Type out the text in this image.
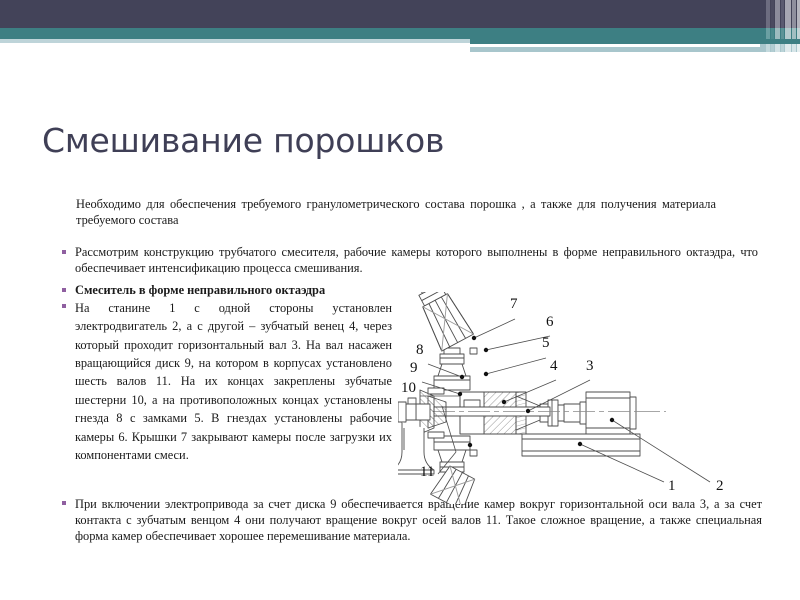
Смешивание порошков
Необходимо для обеспечения требуемого гранулометрического состава порошка , а также для получения материала требуемого состава
Рассмотрим конструкцию трубчатого смесителя, рабочие камеры которого выполнены в форме неправильного октаэдра, что обеспечивает интенсификацию процесса смешивания.
Смеситель в форме неправильного октаэдра
На станине 1 с одной стороны установлен электродвигатель 2, а с другой – зубчатый венец 4, через который проходит горизонтальный вал 3. На вал насажен вращающийся диск 9, на котором в корпусах установлено шесть валов 11. На их концах закреплены зубчатые шестерни 10, а на противоположных концах установлены гнезда 8 с замками 5. В гнездах установлены рабочие камеры 6. Крышки 7 закрывают камеры после загрузки их компонентами смеси.
При включении электропривода за счет диска 9 обеспечивается вращение камер вокруг горизонтальной оси вала 3, а за счет контакта с зубчатым венцом 4 они получают вращение вокруг осей валов 11. Такое сложное вращение, а также специальная форма камер обеспечивает хорошее перемешивание материала.
1	2
3
4
5
6
7
8
9
10
11
